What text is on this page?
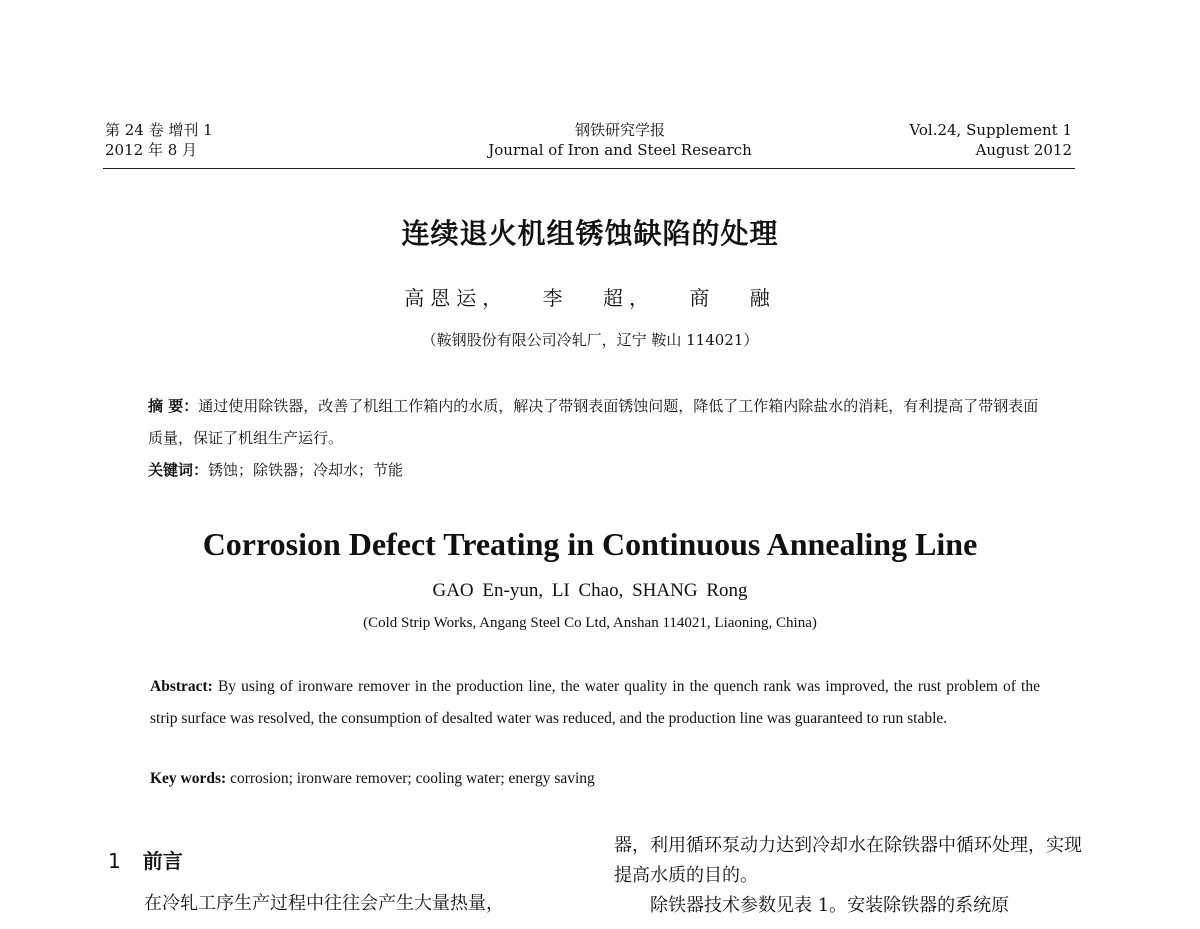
第 24 卷 增刊 1
2012 年 8 月
钢铁研究学报
Journal of Iron and Steel Research
Vol.24, Supplement 1
August 2012
连续退火机组锈蚀缺陷的处理
高恩运， 李 超， 商 融
（鞍钢股份有限公司冷轧厂，辽宁 鞍山 114021）
摘 要：通过使用除铁器，改善了机组工作箱内的水质，解决了带钢表面锈蚀问题，降低了工作箱内除盐水的消耗，有利提高了带钢表面质量，保证了机组生产运行。
关键词：锈蚀；除铁器；冷却水；节能
Corrosion Defect Treating in Continuous Annealing Line
GAO En-yun, LI Chao, SHANG Rong
(Cold Strip Works, Angang Steel Co Ltd, Anshan 114021, Liaoning, China)
Abstract: By using of ironware remover in the production line, the water quality in the quench rank was improved, the rust problem of the strip surface was resolved, the consumption of desalted water was reduced, and the production line was guaranteed to run stable.
Key words: corrosion; ironware remover; cooling water; energy saving
1 前言
在冷轧工序生产过程中往往会产生大量热量，

器，利用循环泵动力达到冷却水在除铁器中循环处理，实现提高水质的目的。

除铁器技术参数见表 1。安装除铁器的系统原
